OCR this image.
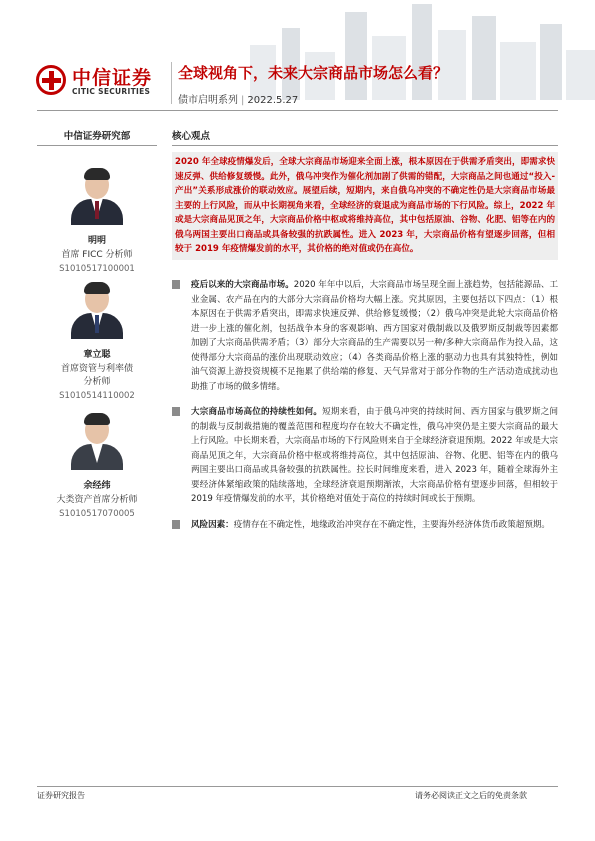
中信证券
CITIC SECURITIES
全球视角下，未来大宗商品市场怎么看？
债市启明系列 | 2022.5.27
中信证券研究部
明明
首席 FICC 分析师
S1010517100001
章立聪
首席资管与利率债分析师
S1010514110002
余经纬
大类资产首席分析师
S1010517070005
核心观点
2020 年全球疫情爆发后，全球大宗商品市场迎来全面上涨，根本原因在于供需矛盾突出，即需求快速反弹、供给修复缓慢。此外，俄乌冲突作为催化剂加剧了供需的错配，大宗商品之间也通过“投入-产出”关系形成涨价的联动效应。展望后续，短期内，来自俄乌冲突的不确定性仍是大宗商品市场最主要的上行风险，而从中长期视角来看，全球经济的衰退成为商品市场的下行风险。综上，2022 年或是大宗商品见顶之年，大宗商品价格中枢或将维持高位，其中包括原油、谷物、化肥、铝等在内的俄乌两国主要出口商品或具备较强的抗跌属性。进入 2023 年，大宗商品价格有望逐步回落，但相较于 2019 年疫情爆发前的水平，其价格的绝对值或仍在高位。
疫后以来的大宗商品市场。2020 年年中以后，大宗商品市场呈现全面上涨趋势，包括能源品、工业金属、农产品在内的大部分大宗商品价格均大幅上涨。究其原因，主要包括以下四点：（1）根本原因在于供需矛盾突出，即需求快速反弹、供给修复缓慢；（2）俄乌冲突是此轮大宗商品价格进一步上涨的催化剂，包括战争本身的客观影响、西方国家对俄制裁以及俄罗斯反制裁等因素都加剧了大宗商品供需矛盾；（3）部分大宗商品的生产需要以另一种/多种大宗商品作为投入品，这使得部分大宗商品的涨价出现联动效应；（4）各类商品价格上涨的驱动力也具有其独特性，例如油气资源上游投资规模不足拖累了供给端的修复、天气异常对于部分作物的生产活动造成扰动也助推了市场的做多情绪。
大宗商品市场高位的持续性如何。短期来看，由于俄乌冲突的持续时间、西方国家与俄罗斯之间的制裁与反制裁措施的覆盖范围和程度均存在较大不确定性，俄乌冲突仍是主要大宗商品的最大上行风险。中长期来看，大宗商品市场的下行风险则来自于全球经济衰退预期。2022 年或是大宗商品见顶之年，大宗商品价格中枢或将维持高位，其中包括原油、谷物、化肥、铝等在内的俄乌两国主要出口商品或具备较强的抗跌属性。拉长时间维度来看，进入 2023 年，随着全球海外主要经济体紧缩政策的陆续落地，全球经济衰退预期渐浓，大宗商品价格有望逐步回落，但相较于 2019 年疫情爆发前的水平，其价格绝对值处于高位的持续时间或长于预期。
风险因素：疫情存在不确定性，地缘政治冲突存在不确定性，主要海外经济体货币政策超预期。
证券研究报告	请务必阅读正文之后的免责条款
